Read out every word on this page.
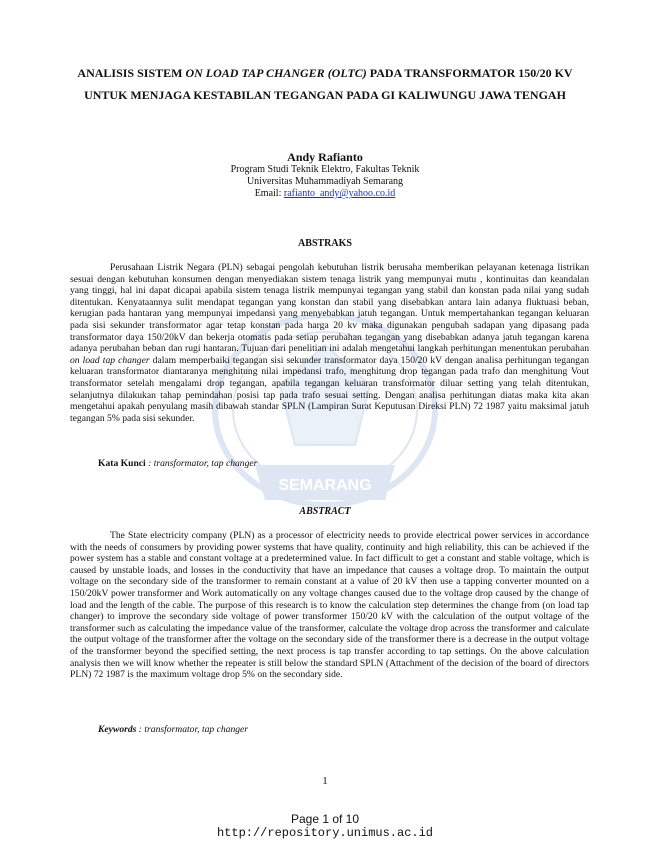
SEMARANG
ANALISIS SISTEM ON LOAD TAP CHANGER (OLTC) PADA TRANSFORMATOR 150/20 KV UNTUK MENJAGA KESTABILAN TEGANGAN PADA GI KALIWUNGU JAWA TENGAH
Andy Rafianto
Program Studi Teknik Elektro, Fakultas Teknik
Universitas Muhammadiyah Semarang
Email: rafianto_andy@yahoo.co.id
ABSTRAKS
Perusahaan Listrik Negara (PLN) sebagai pengolah kebutuhan listrik berusaha memberikan pelayanan ketenaga listrikan sesuai dengan kebutuhan konsumen dengan menyediakan sistem tenaga listrik yang mempunyai mutu , kontinuitas dan keandalan yang tinggi, hal ini dapat dicapai apabila sistem tenaga listrik mempunyai tegangan yang stabil dan konstan pada nilai yang sudah ditentukan. Kenyataannya sulit mendapat tegangan yang konstan dan stabil yang disebabkan antara lain adanya fluktuasi beban, kerugian pada hantaran yang mempunyai impedansi yang menyebabkan jatuh tegangan. Untuk mempertahankan tegangan keluaran pada sisi sekunder transformator agar tetap konstan pada harga 20 kv maka digunakan pengubah sadapan yang dipasang pada transformator daya 150/20kV dan bekerja otomatis pada setiap perubahan tegangan yang disebabkan adanya jatuh tegangan karena adanya perubahan beban dan rugi hantaran. Tujuan dari penelitian ini adalah mengetahui langkah perhitungan menentukan perubahan on load tap changer dalam memperbaiki tegangan sisi sekunder transformator daya 150/20 kV dengan analisa perhitungan tegangan keluaran transformator diantaranya menghitung nilai impedansi trafo, menghitung drop tegangan pada trafo dan menghitung Vout transformator setelah mengalami drop tegangan, apabila tegangan keluaran transformator diluar setting yang telah ditentukan, selanjutnya dilakukan tahap pemindahan posisi tap pada trafo sesuai setting. Dengan analisa perhitungan diatas maka kita akan mengetahui apakah penyulang masih dibawah standar SPLN (Lampiran Surat Keputusan Direksi PLN) 72 1987 yaitu maksimal jatuh tegangan 5% pada sisi sekunder.
Kata Kunci : transformator, tap changer
ABSTRACT
The State electricity company (PLN) as a processor of electricity needs to provide electrical power services in accordance with the needs of consumers by providing power systems that have quality, continuity and high reliability, this can be achieved if the power system has a stable and constant voltage at a predetermined value. In fact difficult to get a constant and stable voltage, which is caused by unstable loads, and losses in the conductivity that have an impedance that causes a voltage drop. To maintain the output voltage on the secondary side of the transformer to remain constant at a value of 20 kV then use a tapping converter mounted on a 150/20kV power transformer and Work automatically on any voltage changes caused due to the voltage drop caused by the change of load and the length of the cable. The purpose of this research is to know the calculation step determines the change from (on load tap changer) to improve the secondary side voltage of power transformer 150/20 kV with the calculation of the output voltage of the transformer such as calculating the impedance value of the transformer, calculate the voltage drop across the transformer and calculate the output voltage of the transformer after the voltage on the secondary side of the transformer there is a decrease in the output voltage of the transformer beyond the specified setting, the next process is tap transfer according to tap settings. On the above calculation analysis then we will know whether the repeater is still below the standard SPLN (Attachment of the decision of the board of directors PLN) 72 1987 is the maximum voltage drop 5% on the secondary side.
Keywords : transformator, tap changer
1
Page 1 of 10
http://repository.unimus.ac.id
